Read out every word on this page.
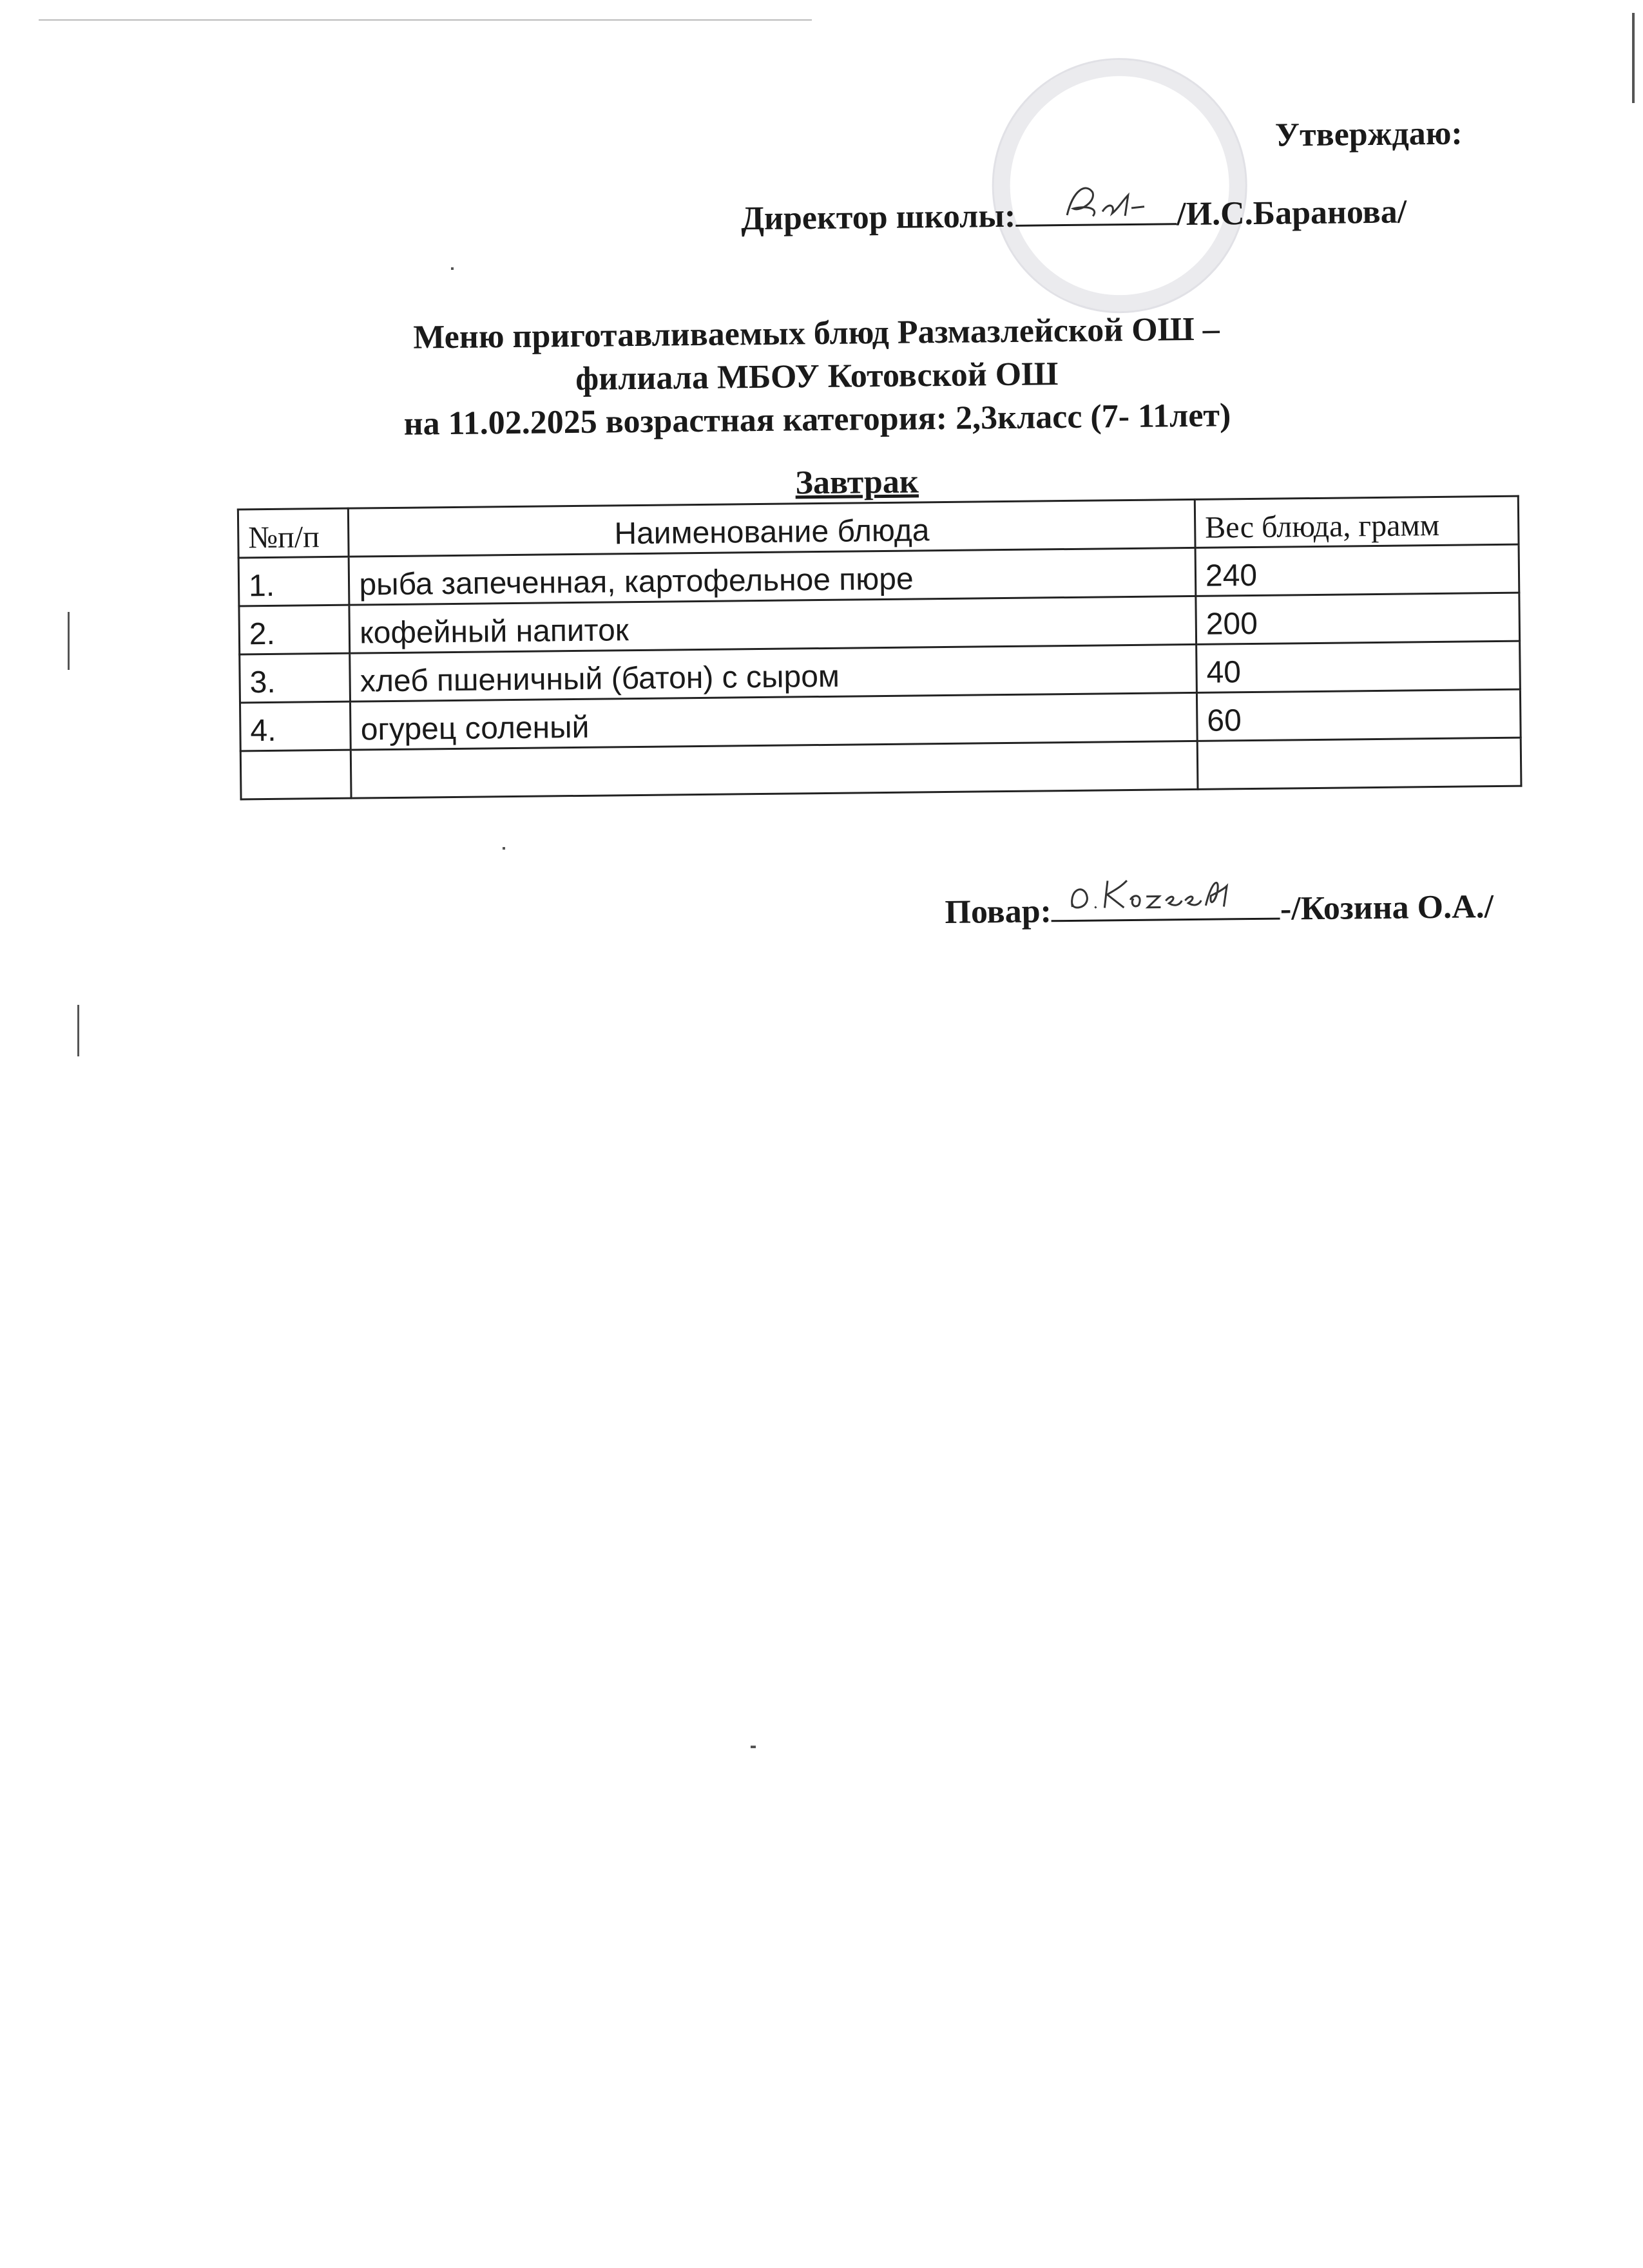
Утверждаю:
Директор школы:	/И.С.Баранова/
Меню приготавливаемых блюд Размазлейской ОШ –
филиала МБОУ Котовской ОШ
на 11.02.2025 возрастная категория: 2,3класс (7- 11лет)
Завтрак
№п/п	Наименование блюда	Вес блюда, грамм
1.	рыба запеченная, картофельное пюре	240
2.	кофейный напиток	200
3.	хлеб пшеничный (батон) с сыром	40
4.	огурец соленый	60

Повар:	-/Козина О.А./
